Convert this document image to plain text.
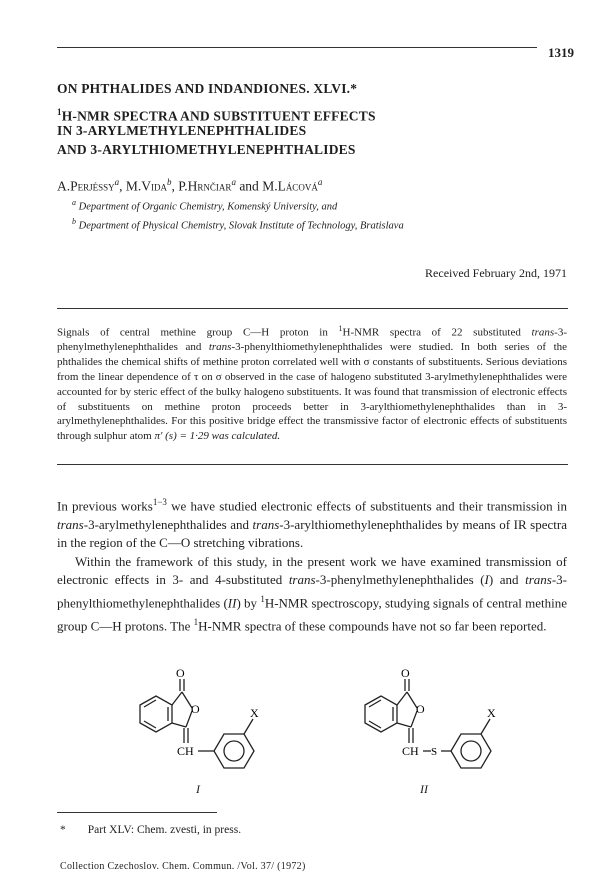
1319
ON PHTHALIDES AND INDANDIONES. XLVI.*
$^1$H-NMR SPECTRA AND SUBSTITUENT EFFECTS
IN 3-ARYLMETHYLENEPHTHALIDES
AND 3-ARYLTHIOMETHYLENEPHTHALIDES
A.Perjéssy$^a$, M.Vida$^b$, P.Hrnčiar$^a$ and M.Lácová$^a$
$^a$ Department of Organic Chemistry, Komenský University, and
$^b$ Department of Physical Chemistry, Slovak Institute of Technology, Bratislava
Received February 2nd, 1971
Signals of central methine group C—H proton in $^1$H-NMR spectra of 22 substituted trans-3-phenylmethylenephthalides and trans-3-phenylthiomethylenephthalides were studied. In both series of the phthalides the chemical shifts of methine proton correlated well with σ constants of substituents. Serious deviations from the linear dependence of τ on σ observed in the case of halogeno substituted 3-arylmethylenephthalides were accounted for by steric effect of the bulky halogeno substituents. It was found that transmission of electronic effects of substituents on methine proton proceeds better in 3-arylthiomethylenephthalides than in 3-arylmethylenephthalides. For this positive bridge effect the transmissive factor of electronic effects of substituents through sulphur atom π′ (s) = 1·29 was calculated.

In previous works$^{1-3}$ we have studied electronic effects of substituents and their transmission in trans-3-arylmethylenephthalides and trans-3-arylthiomethylenephthalides by means of IR spectra in the region of the C—O stretching vibrations.

Within the framework of this study, in the present work we have examined transmission of electronic effects in 3- and 4-substituted trans-3-phenylmethylenephthalides (I) and trans-3-phenylthiomethylenephthalides (II) by $^1$H-NMR spectroscopy, studying signals of central methine group C—H protons. The $^1$H-NMR spectra of these compounds have not so far been reported.

O
O
CH
X
I
O
O
CH S
X
II
* Part XLV: Chem. zvesti, in press.
Collection Czechoslov. Chem. Commun. /Vol. 37/ (1972)
